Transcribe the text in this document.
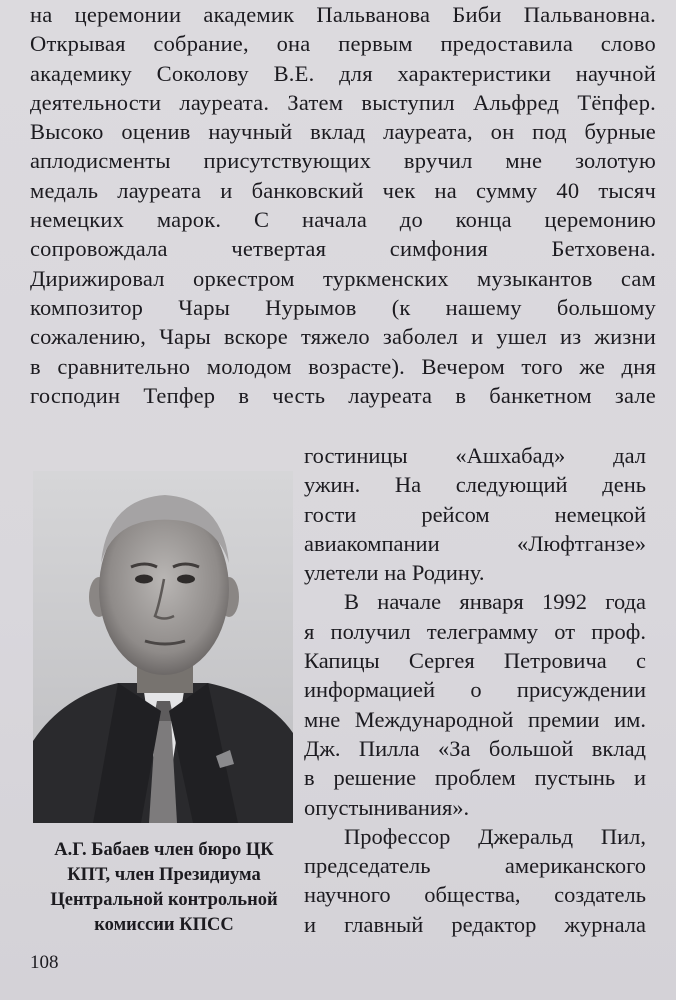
на церемонии академик Пальванова Биби Пальвановна.
Открывая собрание, она первым предоставила слово
академику Соколову В.Е. для характеристики научной
деятельности лауреата. Затем выступил Альфред Тёпфер.
Высоко оценив научный вклад лауреата, он под бурные
аплодисменты присутствующих вручил мне золотую
медаль лауреата и банковский чек на сумму 40 тысяч
немецких марок. С начала до конца церемонию
сопровождала четвертая симфония Бетховена.
Дирижировал оркестром туркменских музыкантов сам
композитор Чары Нурымов (к нашему большому
сожалению, Чары вскоре тяжело заболел и ушел из жизни
в сравнительно молодом возрасте). Вечером того же дня
господин Тепфер в честь лауреата в банкетном зале
А.Г. Бабаев член бюро ЦК
КПТ, член Президиума
Центральной контрольной
комиссии КПСС
гостиницы «Ашхабад» дал
ужин. На следующий день
гости рейсом немецкой
авиакомпании «Люфтганзе»
улетели на Родину.
В начале января 1992 года
я получил телеграмму от проф.
Капицы Сергея Петровича с
информацией о присуждении
мне Международной премии им.
Дж. Пилла «За большой вклад
в решение проблем пустынь и
опустынивания».
Профессор Джеральд Пил,
председатель американского
научного общества, создатель
и главный редактор журнала
108
